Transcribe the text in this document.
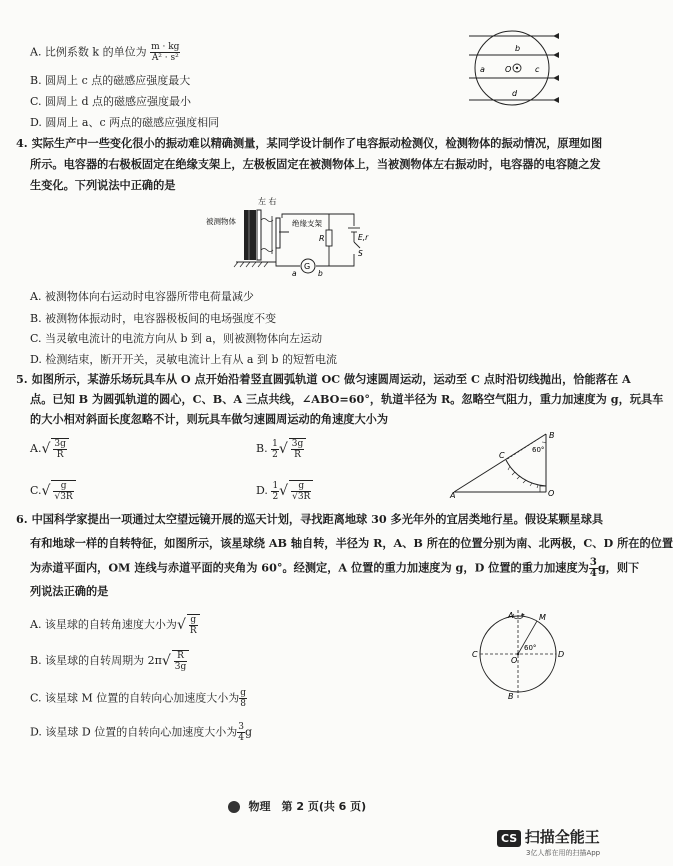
A. 比例系数 k 的单位为 $\frac{m \cdot kg}{\text{A² · s²}}$
B. 圆周上 c 点的磁感应强度最大
C. 圆周上 d 点的磁感应强度最小
D. 圆周上 a、c 两点的磁感应强度相同
b
a	O	c
d
4. 实际生产中一些变化很小的振动难以精确测量，某同学设计制作了电容振动检测仪，检测物体的振动情况，原理如图
所示。电容器的右极板固定在绝缘支架上，左极板固定在被测物体上，当被测物体左右振动时，电容器的电容随之发
生变化。下列说法中正确的是
左 右
被测物体	绝缘支架
R	E,r
S
G
a	b
A. 被测物体向右运动时电容器所带电荷量减少
B. 被测物体振动时，电容器极板间的电场强度不变
C. 当灵敏电流计的电流方向从 b 到 a，则被测物体向左运动
D. 检测结束，断开开关，灵敏电流计上有从 a 到 b 的短暂电流
5. 如图所示，某游乐场玩具车从 O 点开始沿着竖直圆弧轨道 OC 做匀速圆周运动，运动至 C 点时沿切线抛出，恰能落在 A
点。已知 B 为圆弧轨道的圆心，C、B、A 三点共线，∠ABO=60°，轨道半径为 R。忽略空气阻力，重力加速度为 g，玩具车
的大小相对斜面长度忽略不计，则玩具车做匀速圆周运动的角速度大小为
$A.√ \frac{3g}{R}$	B. $\frac{1}{2}$ √ $\frac{3g}{R}$
$C.√ \frac{g}{√3R}$	D. $\frac{1}{2}$ √ $\frac{g}{√3R}$
B
60°
C
A	O
6. 中国科学家提出一项通过太空望远镜开展的巡天计划，寻找距离地球 30 多光年外的宜居类地行星。假设某颗星球具
有和地球一样的自转特征，如图所示，该星球绕 AB 轴自转，半径为 R，A、B 所在的位置分别为南、北两极，C、D 所在的位置
为赤道平面内，OM 连线与赤道平面的夹角为 60°。经测定，A 位置的重力加速度为 g，D 位置的重力加速度为 $\frac{3}{4}$ g，则下
列说法正确的是
A. 该星球的自转角速度大小为√ $\frac{g}{R}$
B. 该星球的自转周期为 $2\pi√ \frac{R}{3g}$
C. 该星球 M 位置的自转向心加速度大小为 $\frac{g}{8}$
D. 该星球 D 位置的自转向心加速度大小为 $\frac{3}{4}$ g
A	M
C
O
60°
D
B
物理　第 2 页(共 6 页)
CS 扫描全能王
3亿人都在用的扫描App
